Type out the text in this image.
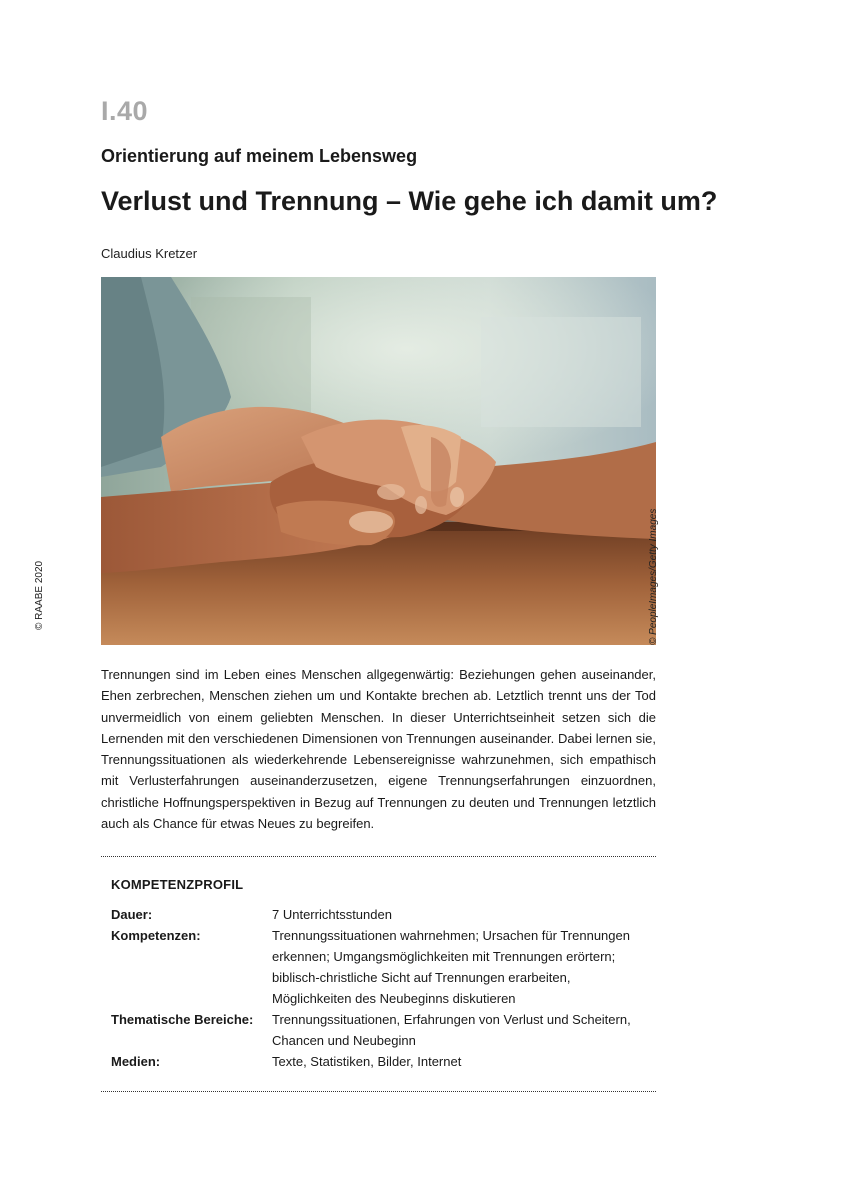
I.40
Orientierung auf meinem Lebensweg
Verlust und Trennung – Wie gehe ich damit um?
Claudius Kretzer
© PeopleImages/Getty Images
© RAABE 2020

Trennungen sind im Leben eines Menschen allgegenwärtig: Beziehungen gehen auseinander, Ehen zerbrechen, Menschen ziehen um und Kontakte brechen ab. Letztlich trennt uns der Tod unvermeidlich von einem geliebten Menschen. In dieser Unterrichtseinheit setzen sich die Lernenden mit den verschiedenen Dimensionen von Trennungen auseinander. Dabei lernen sie, Trennungssituationen als wiederkehrende Lebensereignisse wahrzunehmen, sich empathisch mit Verlusterfahrungen auseinanderzusetzen, eigene Trennungserfahrungen einzuordnen, christliche Hoffnungsperspektiven in Bezug auf Trennungen zu deuten und Trennungen letztlich auch als Chance für etwas Neues zu begreifen.

KOMPETENZPROFIL
Dauer:	7 Unterrichtsstunden
Kompetenzen:	Trennungssituationen wahrnehmen; Ursachen für Trennungen erkennen; Umgangsmöglichkeiten mit Trennungen erörtern; biblisch-christliche Sicht auf Trennungen erarbeiten, Möglichkeiten des Neubeginns diskutieren
Thematische Bereiche: Trennungssituationen, Erfahrungen von Verlust und Scheitern, Chancen und Neubeginn
Medien:	Texte, Statistiken, Bilder, Internet
